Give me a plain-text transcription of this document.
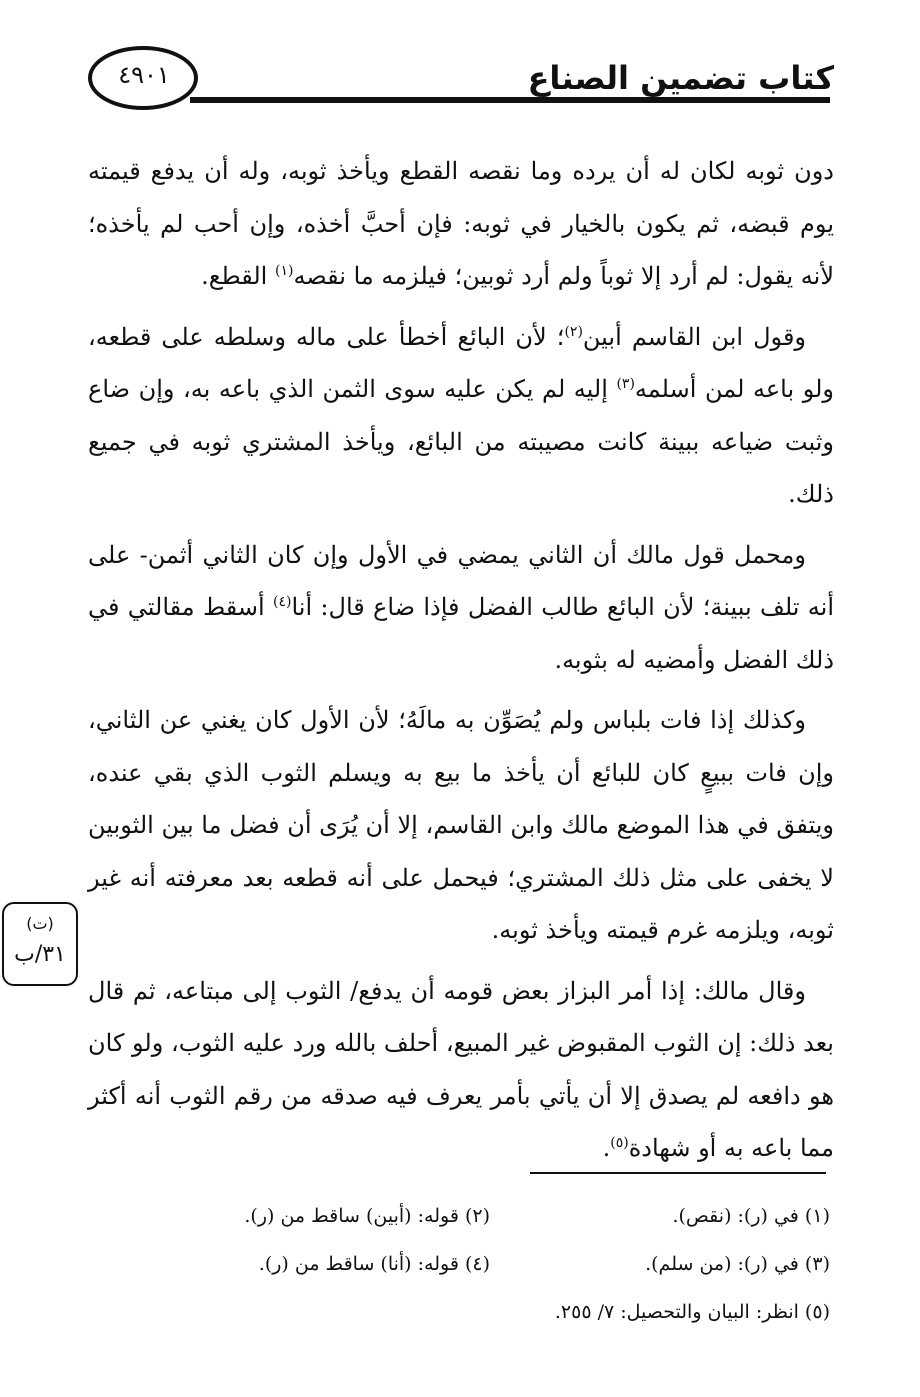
كتاب تضمين الصناع
٤٩٠١
(ت)
٣١/ب

دون ثوبه لكان له أن يرده وما نقصه القطع ويأخذ ثوبه، وله أن يدفع قيمته يوم قبضه، ثم يكون بالخيار في ثوبه: فإن أحبَّ أخذه، وإن أحب لم يأخذه؛ لأنه يقول: لم أرد إلا ثوباً ولم أرد ثوبين؛ فيلزمه ما نقصه$^{(١)}$ القطع.

وقول ابن القاسم أبين$^{(٢)}$؛ لأن البائع أخطأ على ماله وسلطه على قطعه، ولو باعه لمن أسلمه$^{(٣)}$ إليه لم يكن عليه سوى الثمن الذي باعه به، وإن ضاع وثبت ضياعه ببينة كانت مصيبته من البائع، ويأخذ المشتري ثوبه في جميع ذلك.

ومحمل قول مالك أن الثاني يمضي في الأول وإن كان الثاني أثمن- على أنه تلف ببينة؛ لأن البائع طالب الفضل فإذا ضاع قال: أنا$^{(٤)}$ أسقط مقالتي في ذلك الفضل وأمضيه له بثوبه.

وكذلك إذا فات بلباس ولم يُصَوِّن به مالَهُ؛ لأن الأول كان يغني عن الثاني، وإن فات ببيعٍ كان للبائع أن يأخذ ما بيع به ويسلم الثوب الذي بقي عنده، ويتفق في هذا الموضع مالك وابن القاسم، إلا أن يُرَى أن فضل ما بين الثوبين لا يخفى على مثل ذلك المشتري؛ فيحمل على أنه قطعه بعد معرفته أنه غير ثوبه، ويلزمه غرم قيمته ويأخذ ثوبه.

وقال مالك: إذا أمر البزاز بعض قومه أن يدفع/ الثوب إلى مبتاعه، ثم قال بعد ذلك: إن الثوب المقبوض غير المبيع، أحلف بالله ورد عليه الثوب، ولو كان هو دافعه لم يصدق إلا أن يأتي بأمر يعرف فيه صدقه من رقم الثوب أنه أكثر مما باعه به أو شهادة$^{(٥)}$.

(١) في (ر): (نقص).
(٢) قوله: (أبين) ساقط من (ر).
(٣) في (ر): (من سلم).
(٤) قوله: (أنا) ساقط من (ر).
(٥) انظر: البيان والتحصيل: ٧/ ٢٥٥.
